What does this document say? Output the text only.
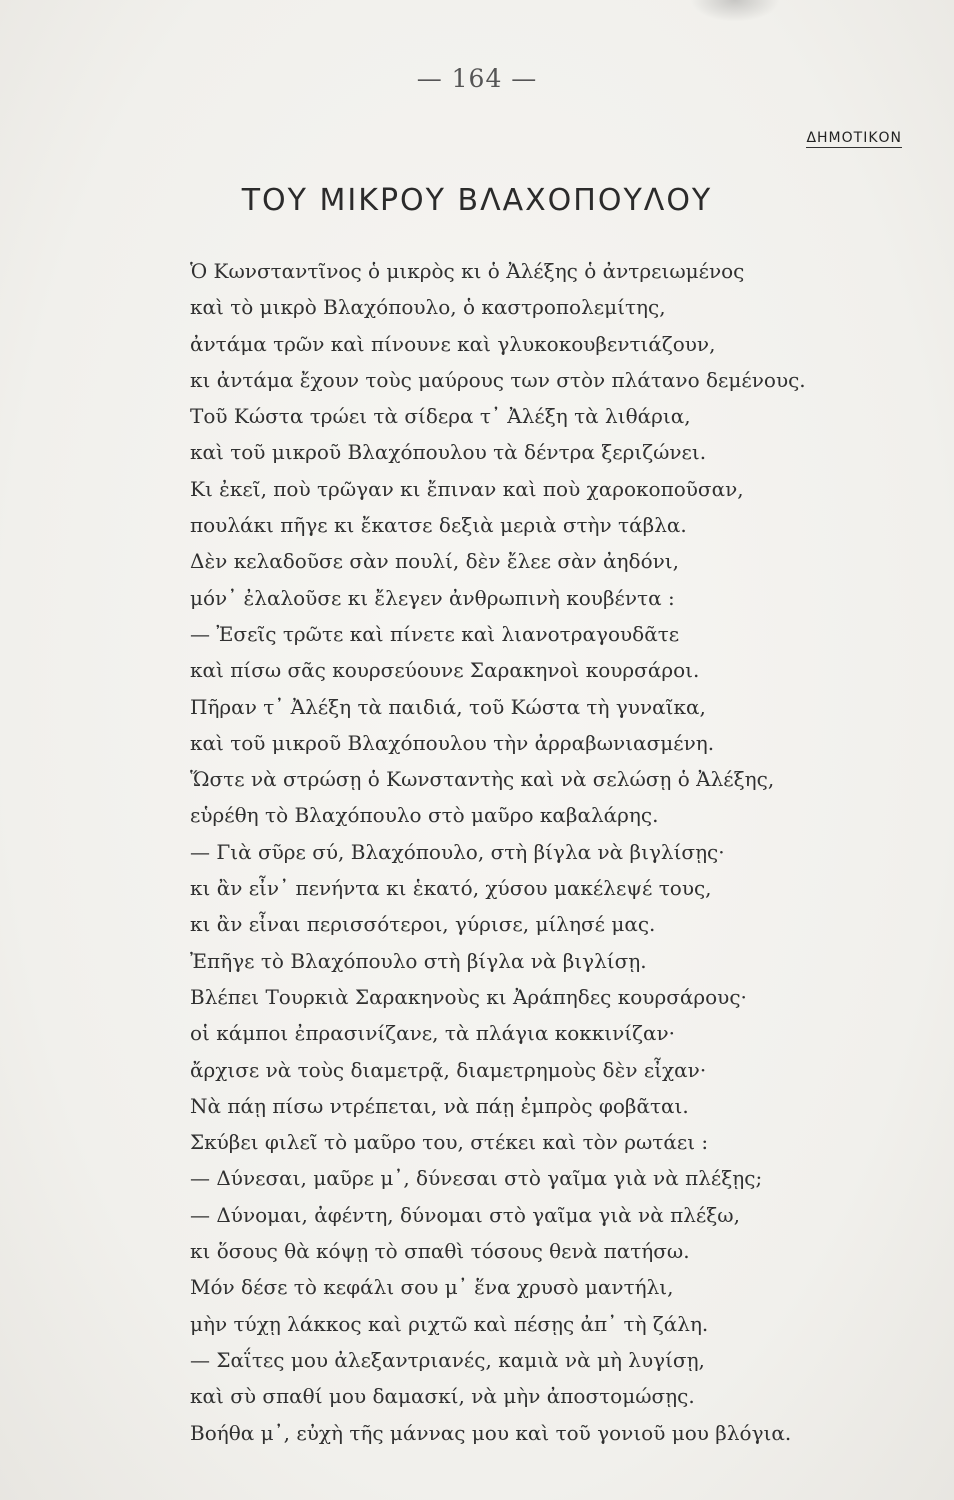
— 164 —
ΔΗΜΟΤΙΚΟΝ
ΤΟΥ ΜΙΚΡΟΥ ΒΛΑΧΟΠΟΥΛΟΥ
Ὁ Κωνσταντῖνος ὁ μικρὸς κι ὁ Ἀλέξης ὁ ἀντρειωμένος
καὶ τὸ μικρὸ Βλαχόπουλο, ὁ καστροπολεμίτης,
ἀντάμα τρῶν καὶ πίνουνε καὶ γλυκοκουβεντιάζουν,
κι ἀντάμα ἔχουν τοὺς μαύρους των στὸν πλάτανο δεμένους.
Τοῦ Κώστα τρώει τὰ σίδερα τ᾿ Ἀλέξη τὰ λιθάρια,
καὶ τοῦ μικροῦ Βλαχόπουλου τὰ δέντρα ξεριζώνει.
Κι ἐκεῖ, ποὺ τρῶγαν κι ἔπιναν καὶ ποὺ χαροκοποῦσαν,
πουλάκι πῆγε κι ἔκατσε δεξιὰ μεριὰ στὴν τάβλα.
Δὲν κελαδοῦσε σὰν πουλί, δὲν ἔλεε σὰν ἀηδόνι,
μόν᾿ ἐλαλοῦσε κι ἔλεγεν ἀνθρωπινὴ κουβέντα :
— Ἐσεῖς τρῶτε καὶ πίνετε καὶ λιανοτραγουδᾶτε
καὶ πίσω σᾶς κουρσεύουνε Σαρακηνοὶ κουρσάροι.
Πῆραν τ᾿ Ἀλέξη τὰ παιδιά, τοῦ Κώστα τὴ γυναῖκα,
καὶ τοῦ μικροῦ Βλαχόπουλου τὴν ἀρραβωνιασμένη.
Ὥστε νὰ στρώσῃ ὁ Κωνσταντὴς καὶ νὰ σελώσῃ ὁ Ἀλέξης,
εὑρέθη τὸ Βλαχόπουλο στὸ μαῦρο καβαλάρης.
— Γιὰ σῦρε σύ, Βλαχόπουλο, στὴ βίγλα νὰ βιγλίσῃς·
κι ἂν εἶν᾿ πενήντα κι ἑκατό, χύσου μακέλεψέ τους,
κι ἂν εἶναι περισσότεροι, γύρισε, μίλησέ μας.
Ἐπῆγε τὸ Βλαχόπουλο στὴ βίγλα νὰ βιγλίσῃ.
Βλέπει Τουρκιὰ Σαρακηνοὺς κι Ἀράπηδες κουρσάρους·
οἱ κάμποι ἐπρασινίζανε, τὰ πλάγια κοκκινίζαν·
ἄρχισε νὰ τοὺς διαμετρᾷ, διαμετρημοὺς δὲν εἶχαν·
Νὰ πάῃ πίσω ντρέπεται, νὰ πάῃ ἐμπρὸς φοβᾶται.
Σκύβει φιλεῖ τὸ μαῦρο του, στέκει καὶ τὸν ρωτάει :
— Δύνεσαι, μαῦρε μ᾿, δύνεσαι στὸ γαῖμα γιὰ νὰ πλέξῃς;
— Δύνομαι, ἀφέντη, δύνομαι στὸ γαῖμα γιὰ νὰ πλέξω,
κι ὅσους θὰ κόψῃ τὸ σπαθὶ τόσους θενὰ πατήσω.
Μόν δέσε τὸ κεφάλι σου μ᾿ ἕνα χρυσὸ μαντήλι,
μὴν τύχῃ λάκκος καὶ ριχτῶ καὶ πέσῃς ἀπ᾿ τὴ ζάλη.
— Σαΐτες μου ἀλεξαντριανές, καμιὰ νὰ μὴ λυγίσῃ,
καὶ σὺ σπαθί μου δαμασκί, νὰ μὴν ἀποστομώσῃς.
Βοήθα μ᾿, εὐχὴ τῆς μάννας μου καὶ τοῦ γονιοῦ μου βλόγια.
